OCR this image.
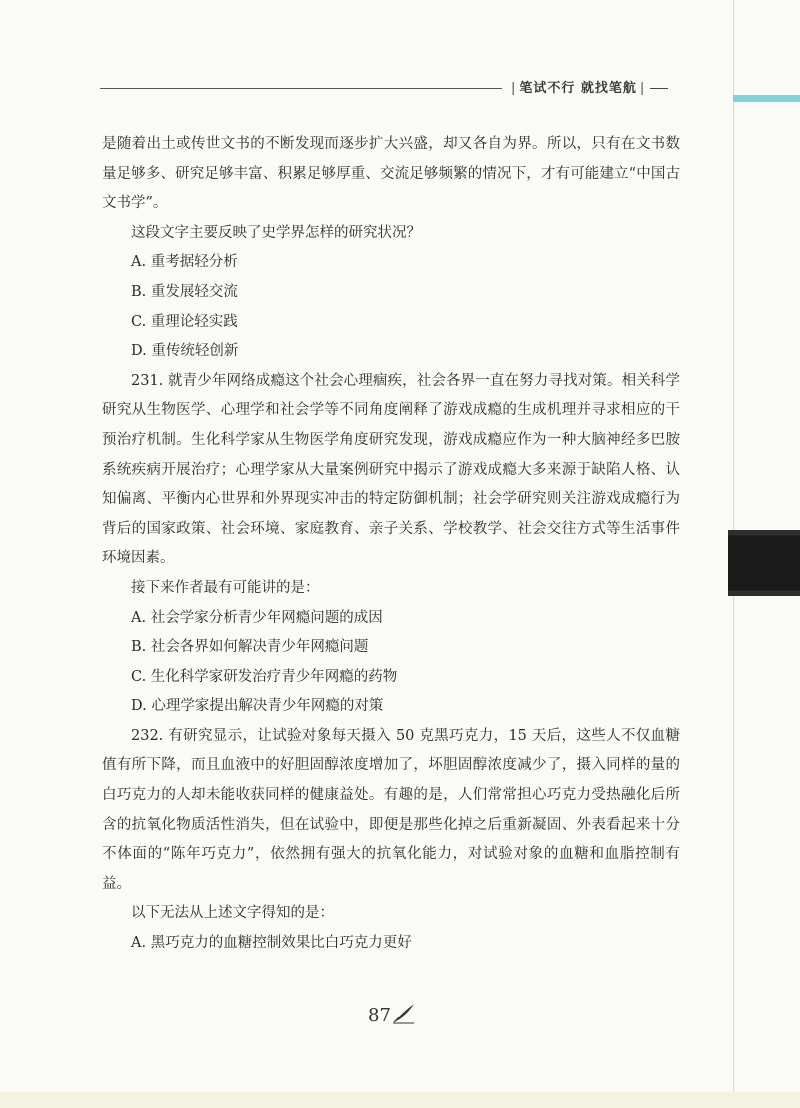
| 笔试不行 就找笔航 |

是随着出土或传世文书的不断发现而逐步扩大兴盛，却又各自为界。所以，只有在文书数量足够多、研究足够丰富、积累足够厚重、交流足够频繁的情况下，才有可能建立“中国古文书学”。

这段文字主要反映了史学界怎样的研究状况？

A. 重考据轻分析

B. 重发展轻交流

C. 重理论轻实践

D. 重传统轻创新

231. 就青少年网络成瘾这个社会心理痼疾，社会各界一直在努力寻找对策。相关科学研究从生物医学、心理学和社会学等不同角度阐释了游戏成瘾的生成机理并寻求相应的干预治疗机制。生化科学家从生物医学角度研究发现，游戏成瘾应作为一种大脑神经多巴胺系统疾病开展治疗；心理学家从大量案例研究中揭示了游戏成瘾大多来源于缺陷人格、认知偏离、平衡内心世界和外界现实冲击的特定防御机制；社会学研究则关注游戏成瘾行为背后的国家政策、社会环境、家庭教育、亲子关系、学校教学、社会交往方式等生活事件环境因素。

接下来作者最有可能讲的是：

A. 社会学家分析青少年网瘾问题的成因

B. 社会各界如何解决青少年网瘾问题

C. 生化科学家研发治疗青少年网瘾的药物

D. 心理学家提出解决青少年网瘾的对策

232. 有研究显示，让试验对象每天摄入 50 克黑巧克力，15 天后，这些人不仅血糖值有所下降，而且血液中的好胆固醇浓度增加了，坏胆固醇浓度减少了，摄入同样的量的白巧克力的人却未能收获同样的健康益处。有趣的是，人们常常担心巧克力受热融化后所含的抗氧化物质活性消失，但在试验中，即便是那些化掉之后重新凝固、外表看起来十分不体面的“陈年巧克力”，依然拥有强大的抗氧化能力，对试验对象的血糖和血脂控制有益。

以下无法从上述文字得知的是：

A. 黑巧克力的血糖控制效果比白巧克力更好

87
